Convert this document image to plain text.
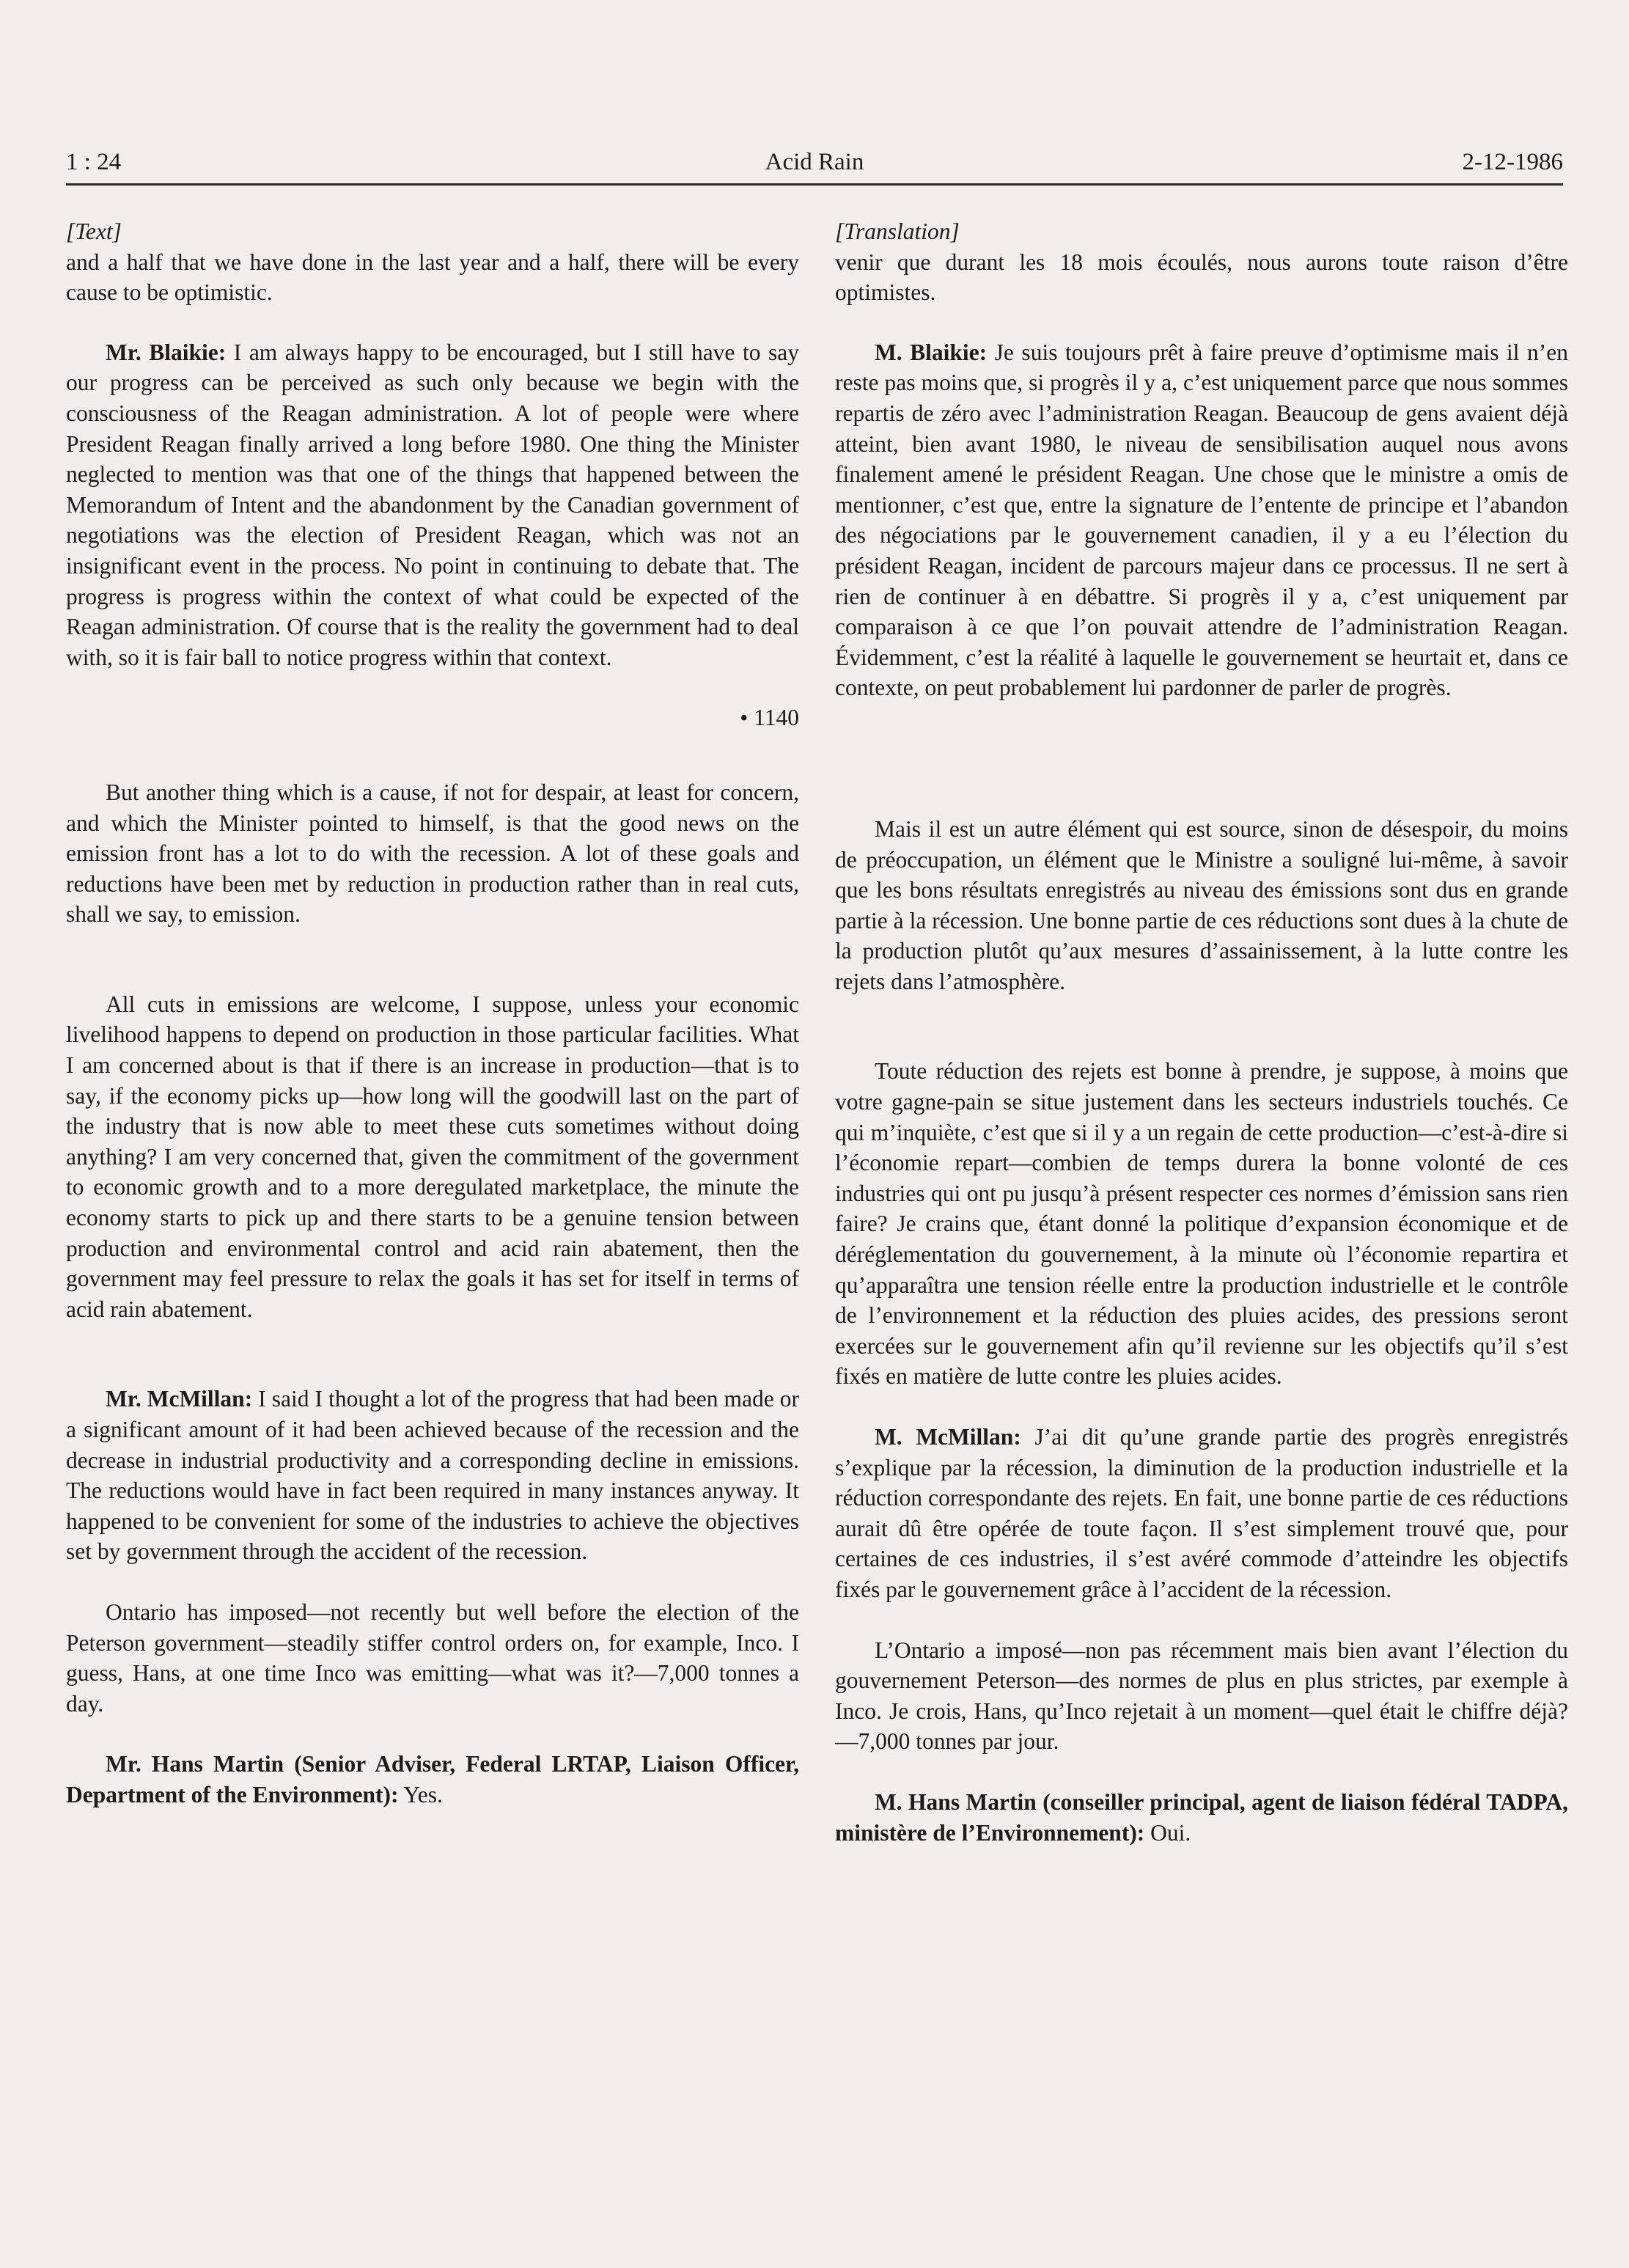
1 : 24	Acid Rain	2-12-1986

[Text]

and a half that we have done in the last year and a half, there will be every cause to be optimistic.

Mr. Blaikie: I am always happy to be encouraged, but I still have to say our progress can be perceived as such only because we begin with the consciousness of the Reagan administration. A lot of people were where President Reagan finally arrived a long before 1980. One thing the Minister neglected to mention was that one of the things that happened between the Memorandum of Intent and the abandonment by the Canadian government of negotiations was the election of President Reagan, which was not an insignificant event in the process. No point in continuing to debate that. The progress is progress within the context of what could be expected of the Reagan administration. Of course that is the reality the government had to deal with, so it is fair ball to notice progress within that context.

• 1140

But another thing which is a cause, if not for despair, at least for concern, and which the Minister pointed to himself, is that the good news on the emission front has a lot to do with the recession. A lot of these goals and reductions have been met by reduction in production rather than in real cuts, shall we say, to emission.

All cuts in emissions are welcome, I suppose, unless your economic livelihood happens to depend on production in those particular facilities. What I am concerned about is that if there is an increase in production—that is to say, if the economy picks up—how long will the goodwill last on the part of the industry that is now able to meet these cuts sometimes without doing anything? I am very concerned that, given the commitment of the government to economic growth and to a more deregulated marketplace, the minute the economy starts to pick up and there starts to be a genuine tension between production and environmental control and acid rain abatement, then the government may feel pressure to relax the goals it has set for itself in terms of acid rain abatement.

Mr. McMillan: I said I thought a lot of the progress that had been made or a significant amount of it had been achieved because of the recession and the decrease in industrial productivity and a corresponding decline in emissions. The reductions would have in fact been required in many instances anyway. It happened to be convenient for some of the industries to achieve the objectives set by government through the accident of the recession.

Ontario has imposed—not recently but well before the election of the Peterson government—steadily stiffer control orders on, for example, Inco. I guess, Hans, at one time Inco was emitting—what was it?—7,000 tonnes a day.

Mr. Hans Martin (Senior Adviser, Federal LRTAP, Liaison Officer, Department of the Environment): Yes.

[Translation]

venir que durant les 18 mois écoulés, nous aurons toute raison d’être optimistes.

M. Blaikie: Je suis toujours prêt à faire preuve d’optimisme mais il n’en reste pas moins que, si progrès il y a, c’est uniquement parce que nous sommes repartis de zéro avec l’administration Reagan. Beaucoup de gens avaient déjà atteint, bien avant 1980, le niveau de sensibilisation auquel nous avons finalement amené le président Reagan. Une chose que le ministre a omis de mentionner, c’est que, entre la signature de l’entente de principe et l’abandon des négociations par le gouvernement canadien, il y a eu l’élection du président Reagan, incident de parcours majeur dans ce processus. Il ne sert à rien de continuer à en débattre. Si progrès il y a, c’est uniquement par comparaison à ce que l’on pouvait attendre de l’administration Reagan. Évidemment, c’est la réalité à laquelle le gouvernement se heurtait et, dans ce contexte, on peut probablement lui pardonner de parler de progrès.

Mais il est un autre élément qui est source, sinon de désespoir, du moins de préoccupation, un élément que le Ministre a souligné lui-même, à savoir que les bons résultats enregistrés au niveau des émissions sont dus en grande partie à la récession. Une bonne partie de ces réductions sont dues à la chute de la production plutôt qu’aux mesures d’assainissement, à la lutte contre les rejets dans l’atmosphère.

Toute réduction des rejets est bonne à prendre, je suppose, à moins que votre gagne-pain se situe justement dans les secteurs industriels touchés. Ce qui m’inquiète, c’est que si il y a un regain de cette production—c’est-à-dire si l’économie repart—combien de temps durera la bonne volonté de ces industries qui ont pu jusqu’à présent respecter ces normes d’émission sans rien faire? Je crains que, étant donné la politique d’expansion économique et de déréglementation du gouvernement, à la minute où l’économie repartira et qu’apparaîtra une tension réelle entre la production industrielle et le contrôle de l’environnement et la réduction des pluies acides, des pressions seront exercées sur le gouvernement afin qu’il revienne sur les objectifs qu’il s’est fixés en matière de lutte contre les pluies acides.

M. McMillan: J’ai dit qu’une grande partie des progrès enregistrés s’explique par la récession, la diminution de la production industrielle et la réduction correspondante des rejets. En fait, une bonne partie de ces réductions aurait dû être opérée de toute façon. Il s’est simplement trouvé que, pour certaines de ces industries, il s’est avéré commode d’atteindre les objectifs fixés par le gouvernement grâce à l’accident de la récession.

L’Ontario a imposé—non pas récemment mais bien avant l’élection du gouvernement Peterson—des normes de plus en plus strictes, par exemple à Inco. Je crois, Hans, qu’Inco rejetait à un moment—quel était le chiffre déjà?—7,000 tonnes par jour.

M. Hans Martin (conseiller principal, agent de liaison fédéral TADPA, ministère de l’Environnement): Oui.
